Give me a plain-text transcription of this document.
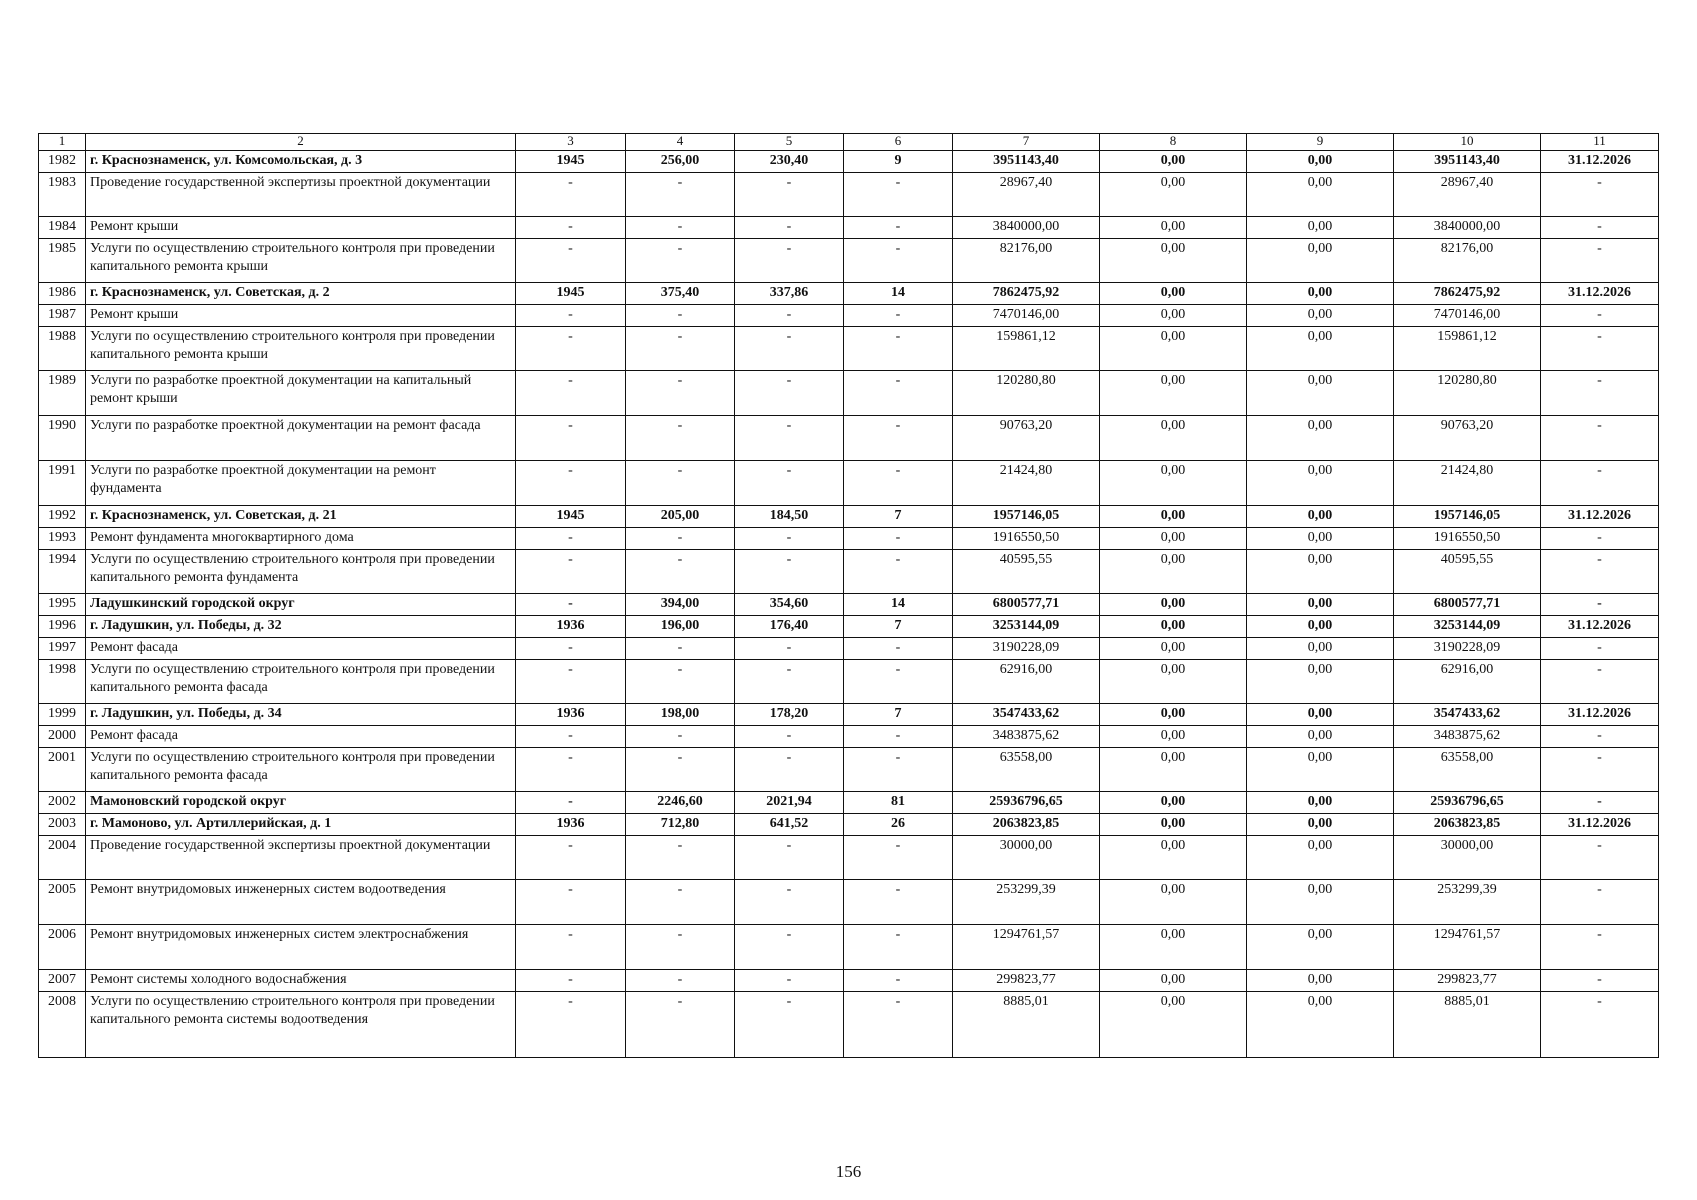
1	2	3	4	5	6	7	8	9	10	11
1982	г. Краснознаменск, ул. Комсомольская, д. 3	1945	256,00	230,40	9	3951143,40	0,00	0,00	3951143,40	31.12.2026
1983	Проведение государственной экспертизы проектной документации	-	-	-	-	28967,40	0,00	0,00	28967,40	-
1984	Ремонт крыши	-	-	-	-	3840000,00	0,00	0,00	3840000,00	-
1985	Услуги по осуществлению строительного контроля при проведении капитального ремонта крыши	-	-	-	-	82176,00	0,00	0,00	82176,00	-
1986	г. Краснознаменск, ул. Советская, д. 2	1945	375,40	337,86	14	7862475,92	0,00	0,00	7862475,92	31.12.2026
1987	Ремонт крыши	-	-	-	-	7470146,00	0,00	0,00	7470146,00	-
1988	Услуги по осуществлению строительного контроля при проведении капитального ремонта крыши	-	-	-	-	159861,12	0,00	0,00	159861,12	-
1989	Услуги по разработке проектной документации на капитальный ремонт крыши	-	-	-	-	120280,80	0,00	0,00	120280,80	-
1990	Услуги по разработке проектной документации на ремонт фасада	-	-	-	-	90763,20	0,00	0,00	90763,20	-
1991	Услуги по разработке проектной документации на ремонт фундамента	-	-	-	-	21424,80	0,00	0,00	21424,80	-
1992	г. Краснознаменск, ул. Советская, д. 21	1945	205,00	184,50	7	1957146,05	0,00	0,00	1957146,05	31.12.2026
1993	Ремонт фундамента многоквартирного дома	-	-	-	-	1916550,50	0,00	0,00	1916550,50	-
1994	Услуги по осуществлению строительного контроля при проведении капитального ремонта фундамента	-	-	-	-	40595,55	0,00	0,00	40595,55	-
1995	Ладушкинский городской округ	-	394,00	354,60	14	6800577,71	0,00	0,00	6800577,71	-
1996	г. Ладушкин, ул. Победы, д. 32	1936	196,00	176,40	7	3253144,09	0,00	0,00	3253144,09	31.12.2026
1997	Ремонт фасада	-	-	-	-	3190228,09	0,00	0,00	3190228,09	-
1998	Услуги по осуществлению строительного контроля при проведении капитального ремонта фасада	-	-	-	-	62916,00	0,00	0,00	62916,00	-
1999	г. Ладушкин, ул. Победы, д. 34	1936	198,00	178,20	7	3547433,62	0,00	0,00	3547433,62	31.12.2026
2000	Ремонт фасада	-	-	-	-	3483875,62	0,00	0,00	3483875,62	-
2001	Услуги по осуществлению строительного контроля при проведении капитального ремонта фасада	-	-	-	-	63558,00	0,00	0,00	63558,00	-
2002	Мамоновский городской округ	-	2246,60	2021,94	81	25936796,65	0,00	0,00	25936796,65	-
2003	г. Мамоново, ул. Артиллерийская, д. 1	1936	712,80	641,52	26	2063823,85	0,00	0,00	2063823,85	31.12.2026
2004	Проведение государственной экспертизы проектной документации	-	-	-	-	30000,00	0,00	0,00	30000,00	-
2005	Ремонт внутридомовых инженерных систем водоотведения	-	-	-	-	253299,39	0,00	0,00	253299,39	-
2006	Ремонт внутридомовых инженерных систем электроснабжения	-	-	-	-	1294761,57	0,00	0,00	1294761,57	-
2007	Ремонт системы холодного водоснабжения	-	-	-	-	299823,77	0,00	0,00	299823,77	-
2008	Услуги по осуществлению строительного контроля при проведении капитального ремонта системы водоотведения	-	-	-	-	8885,01	0,00	0,00	8885,01	-
156
